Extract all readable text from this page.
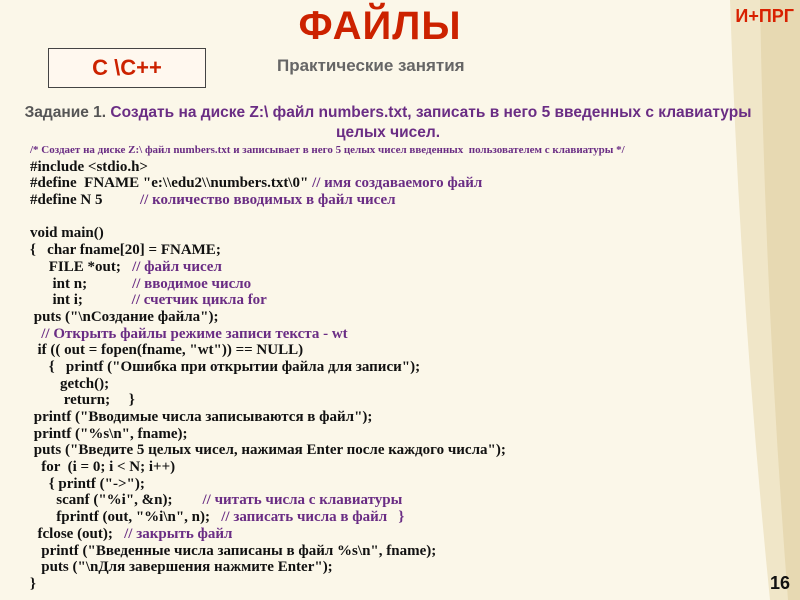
ФАЙЛЫ	И+ПРГ
C \C++	Практические занятия
Задание 1. Создать на диске Z:\ файл numbers.txt, записать в него 5 введенных с клавиатуры целых чисел.
/* Создает на диске Z:\ файл numbers.txt и записывает в него 5 целых чисел введенных  пользователем с клавиатуры */
#include <stdio.h>
#define  FNAME "e:\\edu2\\numbers.txt\0" // имя создаваемого файл
#define N 5          // количество вводимых в файл чисел
void main()
{   char fname[20] = FNAME;
FILE *out;   // файл чисел
int n;            // вводимое число
int i;             // счетчик цикла for
puts ("\nСоздание файла");
// Открыть файлы режиме записи текста - wt
if (( out = fopen(fname, "wt")) == NULL)
{   printf ("Ошибка при открытии файла для записи");
getch();
return;     }
printf ("Вводимые числа записываются в файл");
printf ("%s\n", fname);
puts ("Введите 5 целых чисел, нажимая Enter после каждого числа");
for  (i = 0; i < N; i++)
{ printf ("->");
scanf ("%i", &n);        // читать числа с клавиатуры
fprintf (out, "%i\n", n);   // записать числа в файл   }
fclose (out);   // закрыть файл
printf ("Введенные числа записаны в файл %s\n", fname);
puts ("\nДля завершения нажмите Enter");
}	16
